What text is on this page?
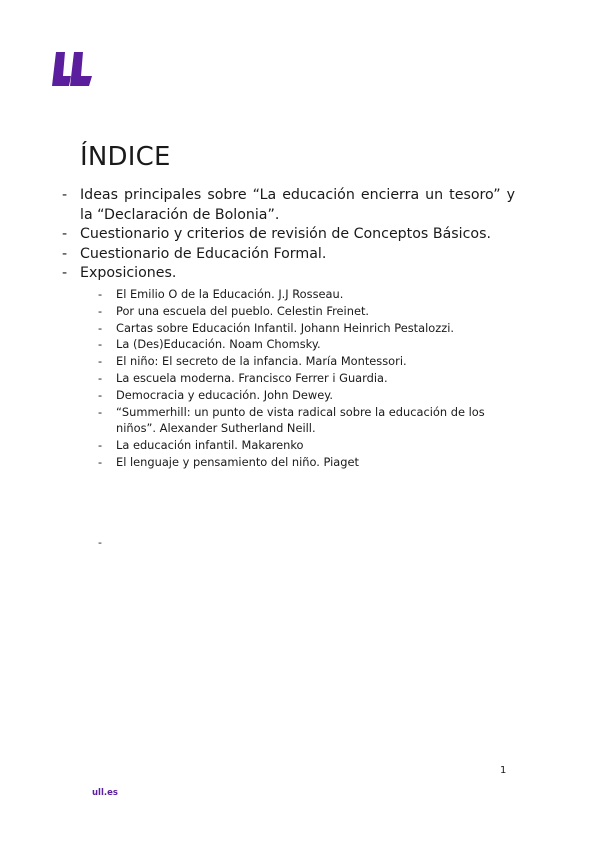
ÍNDICE
- Ideas principales sobre “La educación encierra un tesoro” y la “Declaración de Bolonia”.
- Cuestionario y criterios de revisión de Conceptos Básicos.
- Cuestionario de Educación Formal.
- Exposiciones.
- El Emilio O de la Educación. J.J Rosseau.
- Por una escuela del pueblo. Celestin Freinet.
- Cartas sobre Educación Infantil. Johann Heinrich Pestalozzi.
- La (Des)Educación. Noam Chomsky.
- El niño: El secreto de la infancia. María Montessori.
- La escuela moderna. Francisco Ferrer i Guardia.
- Democracia y educación. John Dewey.
- “Summerhill: un punto de vista radical sobre la educación de los niños”. Alexander Sutherland Neill.
- La educación infantil. Makarenko
- El lenguaje y pensamiento del niño. Piaget
-
1
ull.es
